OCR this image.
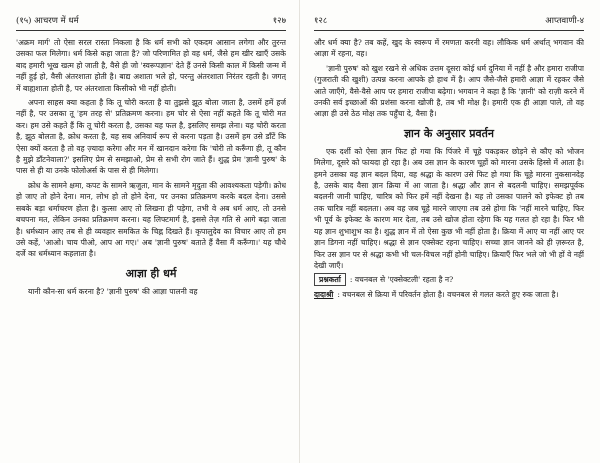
(१५) आचरण में धर्म	१२७

'अक्रम मार्ग' तो ऐसा सरल रास्ता निकला है कि धर्म सभी को एकदम आसान लगेगा और तुरन्त उसका फल मिलेगा। धर्म किसे कहा जाता है? जो परिणामित हो वह धर्म, जैसे हम खीर खाएँ उसके बाद हमारी भूख खत्म हो जाती है, वैसे ही जो 'स्वरूपज्ञान' देते हैं उनसे किसी काल में किसी जन्म में नहीं हुई हो, वैसी अंतरशाता होती है। बाद्य अशाता भले हो, परन्तु अंतरशाता निरंतर रहती है। जगत् में बाह्यशाता होती है, पर अंतरशाता किसीको भी नहीं होती।

अपना साहस क्या कहता है कि तू चोरी करता है या तुझसे झूठ बोला जाता है, उसमें हमें हर्ज नहीं है, पर उसका तू 'हम तरह से' प्रतिक्रमण करना। हम चोर से ऐसा नहीं कहते कि तू चोरी मत कर। हम उसे कहते हैं कि तू चोरी करता है, उसका यह फल है, इसलिए समझ लेना। यह चोरी करता है, झूठ बोलता है, क्रोध करता है, यह सब अनिवार्य रूप से करना पड़ता है। उसमें हम उसे डाँटें कि ऐसा क्यों करता है तो वह ज़्यादा करेगा और मन में खानदान करेगा कि 'चोरी तो करूँगा ही, तू कौन है मुझे डाँटनेवाला?' इसलिए प्रेम से समझाओ, प्रेम से सभी रोग जाते हैं। शुद्ध प्रेम 'ज्ञानी पुरुष' के पास से ही या उनके फोलोअर्स के पास से ही मिलेगा।

क्रोध के सामने क्षमा, कपट के सामने ऋजुता, मान के सामने मृदुता की आवश्यकता पड़ेगी। क्रोध हो जाए तो होने देना। मान, लोभ हो तो होने देना, पर उनका प्रतिक्रमण करके बदल देना। उससे सबके बड़ा धर्माचरण होता है। कुत्सा आए तो लिखना ही पड़ेगा, तभी वे अब धर्म आए, तो उनसे बचपना मत, लेकिन उनका प्रतिक्रमण करना। यह लिफ्टमार्ग है, इससे तेज़ गति से आगे बढ़ा जाता है। धर्मध्यान आए तब से ही व्यवहार समकित के चिह्न दिखते हैं। कृपालुदेव का विचार आए तो हम उसे कहें, 'आओ। चाय पीओ, आप आ गए।' अब 'ज्ञानी पुरुष' बताते हैं वैसा मैं करूँगा।' यह चौथे दर्जे का धर्मध्यान कहलाता है।

आज्ञा ही धर्म

यानी कौन-सा धर्म करना है? 'ज्ञानी पुरुष' की आज्ञा पालनी वह

१२८	आप्तवाणी-४

और धर्म क्या है? तब कहें, खुद के स्वरूप में रमणता करनी वह। लौकिक धर्म अर्थात् भगवान की आज्ञा में रहना, वह।

'ज्ञानी पुरुष' को खुश रखने से अधिक उत्तम दूसरा कोई धर्म दुनिया में नहीं है और हमारा राजीपा (गुजराती की खुशी) उत्पन्न करना आपके हो हाथ में है। आप जैसे-जैसे हमारी आज्ञा में रहकर जैसे आते जाएँगे, वैसे-वैसे आप पर हमारा राजीपा बढ़ेगा। भगवान ने कहा है कि 'ज्ञानी' को राज़ी करने में उनकी सर्व इच्छाओं की प्रशंसा करना खोजी है, तब भी मोक्ष है। हमारी एक ही आज्ञा पाले, तो वह आज्ञा ही उसे ठेठ मोक्ष तक पहुँचा दे, वैसा है।

ज्ञान के अनुसार प्रवर्तन

एक दर्शी को ऐसा ज्ञान फिट हो गया कि पिंजरे में चूहे पकड़कर छोड़ने से कौए को भोजन मिलेगा, दूसरे को फायदा हो रहा है। अब उस ज्ञान के कारण चूहों को मारना उसके हिस्से में आता है। हमने उसका वह ज्ञान बदल दिया, वह श्रद्धा के कारण उसे फिट हो गया कि चूहे मारना नुकसानदेह है, उसके बाद वैसा ज्ञान क्रिया में आ जाता है। श्रद्धा और ज्ञान से बदलनी चाहिए। समझपूर्वक बदलनी जानी चाहिए, चारित्र को फिर हमें नहीं देखना है। यह तो उसका पालने को इफेक्ट हो तब तक चारित्र नहीं बदलता। अब वह जब चूहे मारने जाएगा तब उसे होगा कि 'नहीं मारने चाहिए, फिर भी पूर्व के इफेक्ट के कारण मार देता, तब उसे खोज होता रहेगा कि यह गलत हो रहा है। फिर भी यह ज्ञान शुभाशुभ का है। शुद्ध ज्ञान में तो ऐसा कुछ भी नहीं होता है। क्रिया में आए या नहीं आए पर ज्ञान डिगना नहीं चाहिए। श्रद्धा से ज्ञान एक्सेक्ट रहना चाहिए। सच्चा ज्ञान जानने को ही ज़रूरत है, फिर उस ज्ञान पर से श्रद्धा कभी भी चल-विचल नहीं होनी चाहिए। क्रियाएँ फिर भले जो भी हों वे नहीं देखी जाएँ।

प्रश्नकर्ता : वचनबल से 'एक्सेक्टली' रहता है न?

दादाश्री : वचनबल से क्रिया में परिवर्तन होता है। वचनबल से गलत करते हुए रुक जाता है।
